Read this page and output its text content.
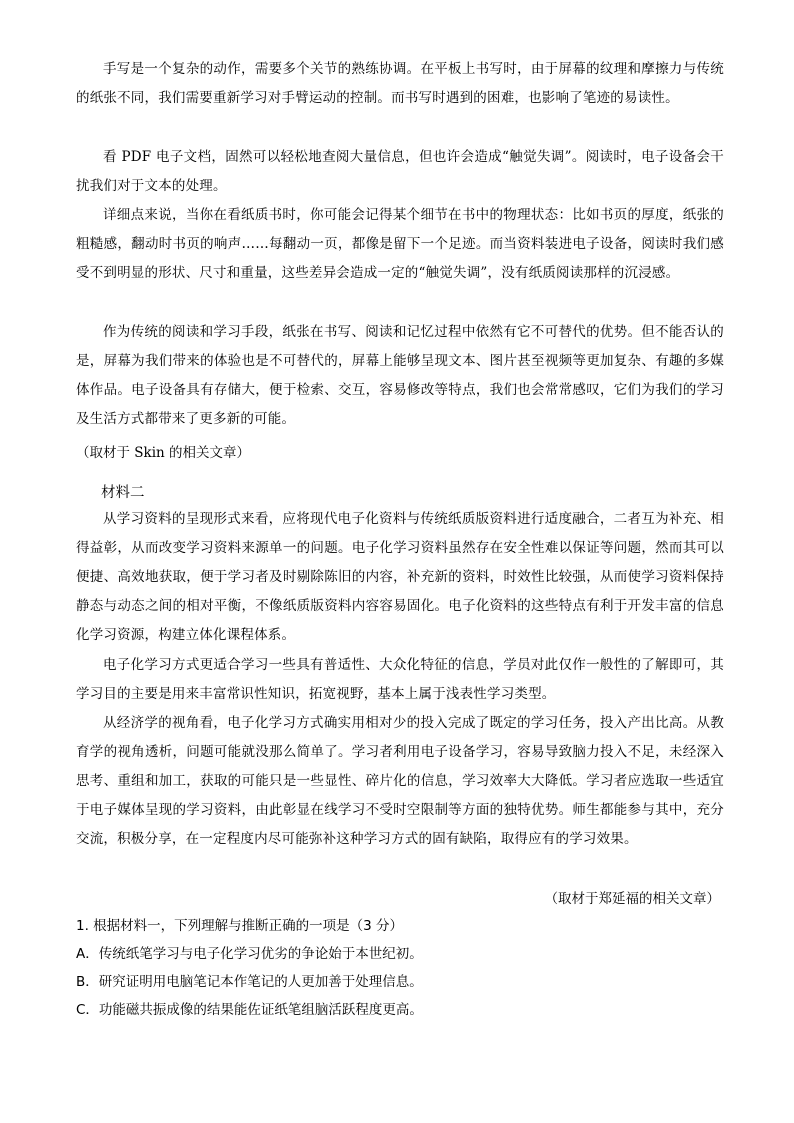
手写是一个复杂的动作，需要多个关节的熟练协调。在平板上书写时，由于屏幕的纹理和摩擦力与传统的纸张不同，我们需要重新学习对手臂运动的控制。而书写时遇到的困难，也影响了笔迹的易读性。

看 PDF 电子文档，固然可以轻松地查阅大量信息，但也许会造成“触觉失调”。阅读时，电子设备会干扰我们对于文本的处理。

详细点来说，当你在看纸质书时，你可能会记得某个细节在书中的物理状态：比如书页的厚度，纸张的粗糙感，翻动时书页的响声……每翻动一页，都像是留下一个足迹。而当资料装进电子设备，阅读时我们感受不到明显的形状、尺寸和重量，这些差异会造成一定的“触觉失调”，没有纸质阅读那样的沉浸感。

作为传统的阅读和学习手段，纸张在书写、阅读和记忆过程中依然有它不可替代的优势。但不能否认的是，屏幕为我们带来的体验也是不可替代的，屏幕上能够呈现文本、图片甚至视频等更加复杂、有趣的多媒体作品。电子设备具有存储大，便于检索、交互，容易修改等特点，我们也会常常感叹，它们为我们的学习及生活方式都带来了更多新的可能。

（取材于 Skin 的相关文章）

材料二

从学习资料的呈现形式来看，应将现代电子化资料与传统纸质版资料进行适度融合，二者互为补充、相得益彰，从而改变学习资料来源单一的问题。电子化学习资料虽然存在安全性难以保证等问题，然而其可以便捷、高效地获取，便于学习者及时剔除陈旧的内容，补充新的资料，时效性比较强，从而使学习资料保持静态与动态之间的相对平衡，不像纸质版资料内容容易固化。电子化资料的这些特点有利于开发丰富的信息化学习资源，构建立体化课程体系。

电子化学习方式更适合学习一些具有普适性、大众化特征的信息，学员对此仅作一般性的了解即可，其学习目的主要是用来丰富常识性知识，拓宽视野，基本上属于浅表性学习类型。

从经济学的视角看，电子化学习方式确实用相对少的投入完成了既定的学习任务，投入产出比高。从教育学的视角透析，问题可能就没那么简单了。学习者利用电子设备学习，容易导致脑力投入不足，未经深入思考、重组和加工，获取的可能只是一些显性、碎片化的信息，学习效率大大降低。学习者应选取一些适宜于电子媒体呈现的学习资料，由此彰显在线学习不受时空限制等方面的独特优势。师生都能参与其中，充分交流，积极分享，在一定程度内尽可能弥补这种学习方式的固有缺陷，取得应有的学习效果。

（取材于郑延福的相关文章）

1. 根据材料一，下列理解与推断正确的一项是（3 分）

A．传统纸笔学习与电子化学习优劣的争论始于本世纪初。

B．研究证明用电脑笔记本作笔记的人更加善于处理信息。

C．功能磁共振成像的结果能佐证纸笔组脑活跃程度更高。
